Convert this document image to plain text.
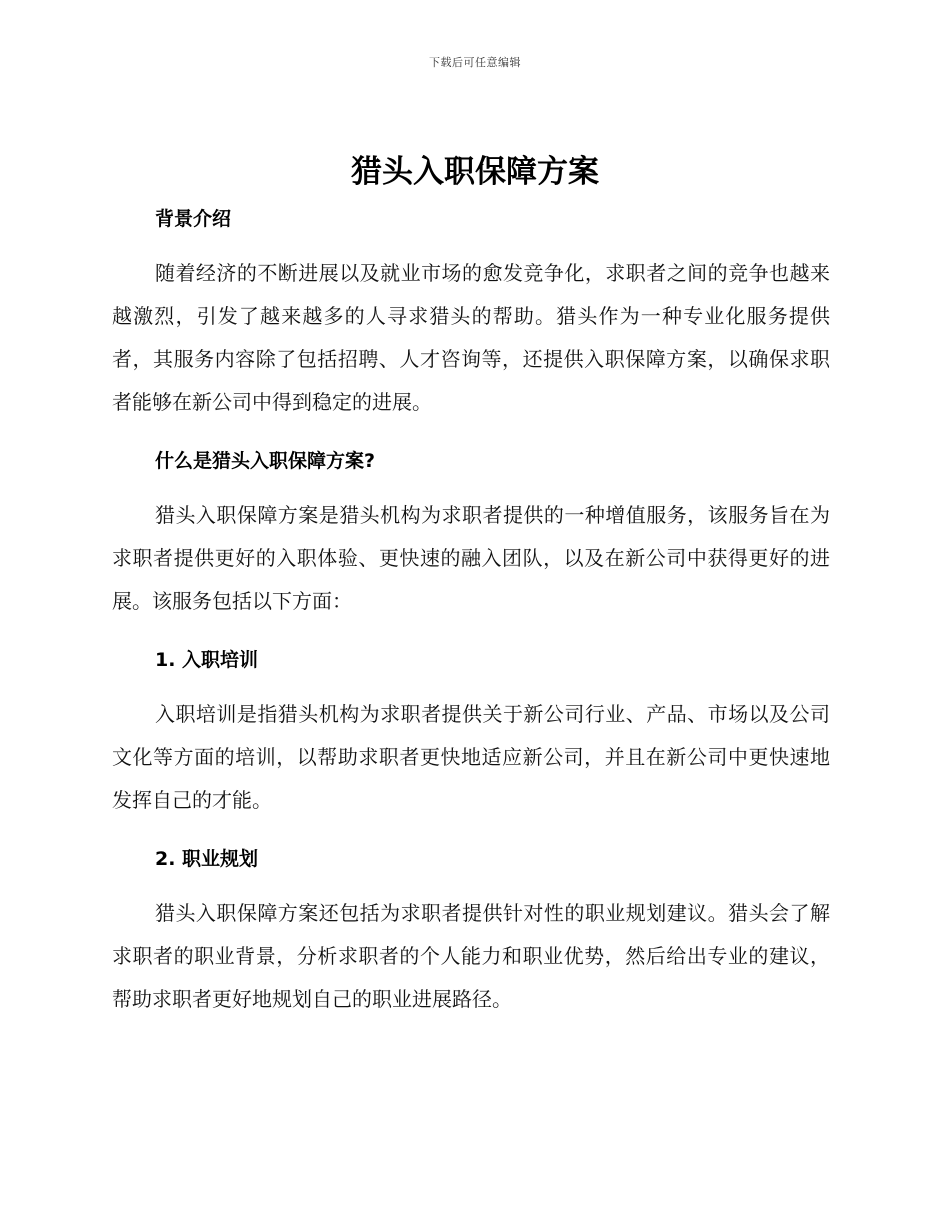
下载后可任意编辑
猎头入职保障方案
背景介绍

随着经济的不断进展以及就业市场的愈发竞争化，求职者之间的竞争也越来越激烈，引发了越来越多的人寻求猎头的帮助。猎头作为一种专业化服务提供者，其服务内容除了包括招聘、人才咨询等，还提供入职保障方案，以确保求职者能够在新公司中得到稳定的进展。

什么是猎头入职保障方案?

猎头入职保障方案是猎头机构为求职者提供的一种增值服务，该服务旨在为求职者提供更好的入职体验、更快速的融入团队，以及在新公司中获得更好的进展。该服务包括以下方面：

1. 入职培训

入职培训是指猎头机构为求职者提供关于新公司行业、产品、市场以及公司文化等方面的培训，以帮助求职者更快地适应新公司，并且在新公司中更快速地发挥自己的才能。

2. 职业规划

猎头入职保障方案还包括为求职者提供针对性的职业规划建议。猎头会了解求职者的职业背景，分析求职者的个人能力和职业优势，然后给出专业的建议，帮助求职者更好地规划自己的职业进展路径。
